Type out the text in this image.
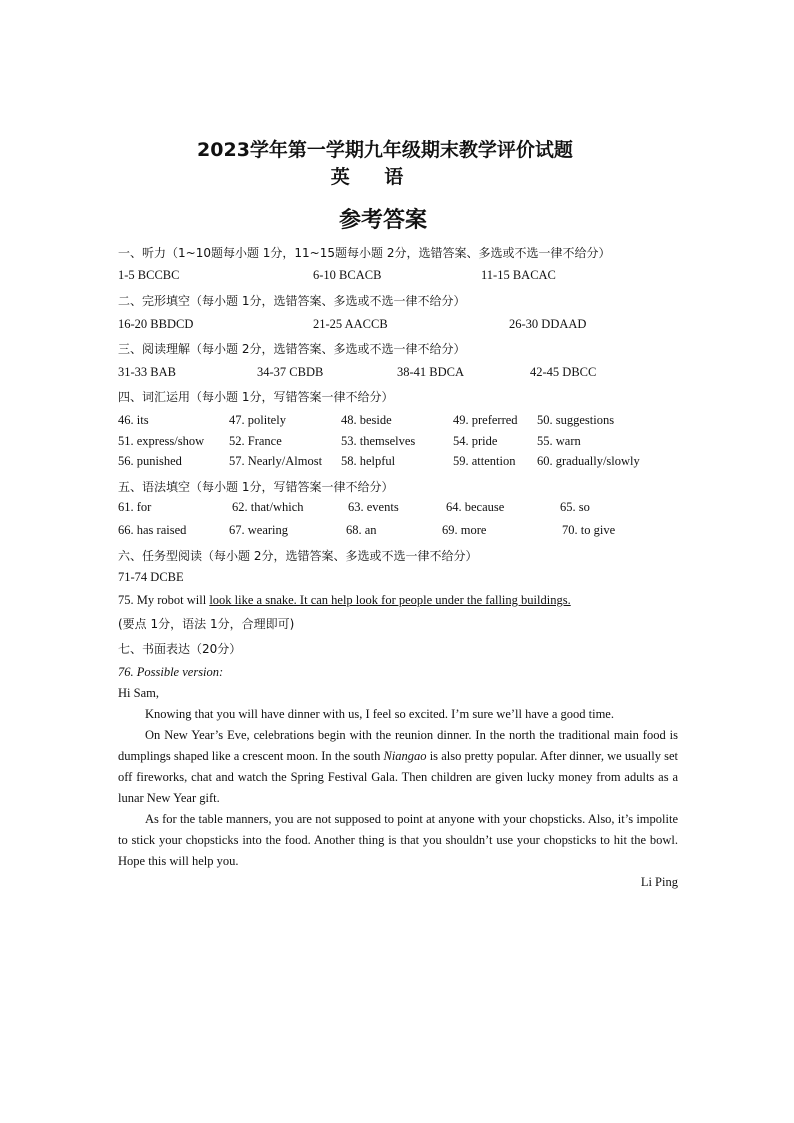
2023学年第一学期九年级期末教学评价试题
英 语
参考答案
一、听力（1~10题每小题 1分，11~15题每小题 2分，选错答案、多选或不选一律不给分）
1-5 BCCBC	6-10 BCACB	11-15 BACAC
二、完形填空（每小题 1分，选错答案、多选或不选一律不给分）
16-20 BBDCD	21-25 AACCB	26-30 DDAAD
三、阅读理解（每小题 2分，选错答案、多选或不选一律不给分）
31-33 BAB	34-37 CBDB	38-41 BDCA	42-45 DBCC
四、词汇运用（每小题 1分，写错答案一律不给分）
46. its	47. politely	48. beside	49. preferred 50. suggestions
51. express/show 52. France	53. themselves	54. pride	55. warn
56. punished	57. Nearly/Almost 58. helpful	59. attention 60. gradually/slowly
五、语法填空（每小题 1分，写错答案一律不给分）
61. for	62. that/which	63. events	64. because	65. so
66. has raised	67. wearing	68. an	69. more	70. to give
六、任务型阅读（每小题 2分，选错答案、多选或不选一律不给分）
71-74 DCBE
75. My robot will look like a snake. It can help look for people under the falling buildings.
(要点 1分，语法 1分，合理即可)
七、书面表达（20分）
76. Possible version:
Hi Sam,
Knowing that you will have dinner with us, I feel so excited. I’m sure we’ll have a good time.
On New Year’s Eve, celebrations begin with the reunion dinner. In the north the traditional main food is dumplings shaped like a crescent moon. In the south Niangao is also pretty popular. After dinner, we usually set off fireworks, chat and watch the Spring Festival Gala. Then children are given lucky money from adults as a lunar New Year gift.
As for the table manners, you are not supposed to point at anyone with your chopsticks. Also, it’s impolite to stick your chopsticks into the food. Another thing is that you shouldn’t use your chopsticks to hit the bowl. Hope this will help you.
Li Ping
